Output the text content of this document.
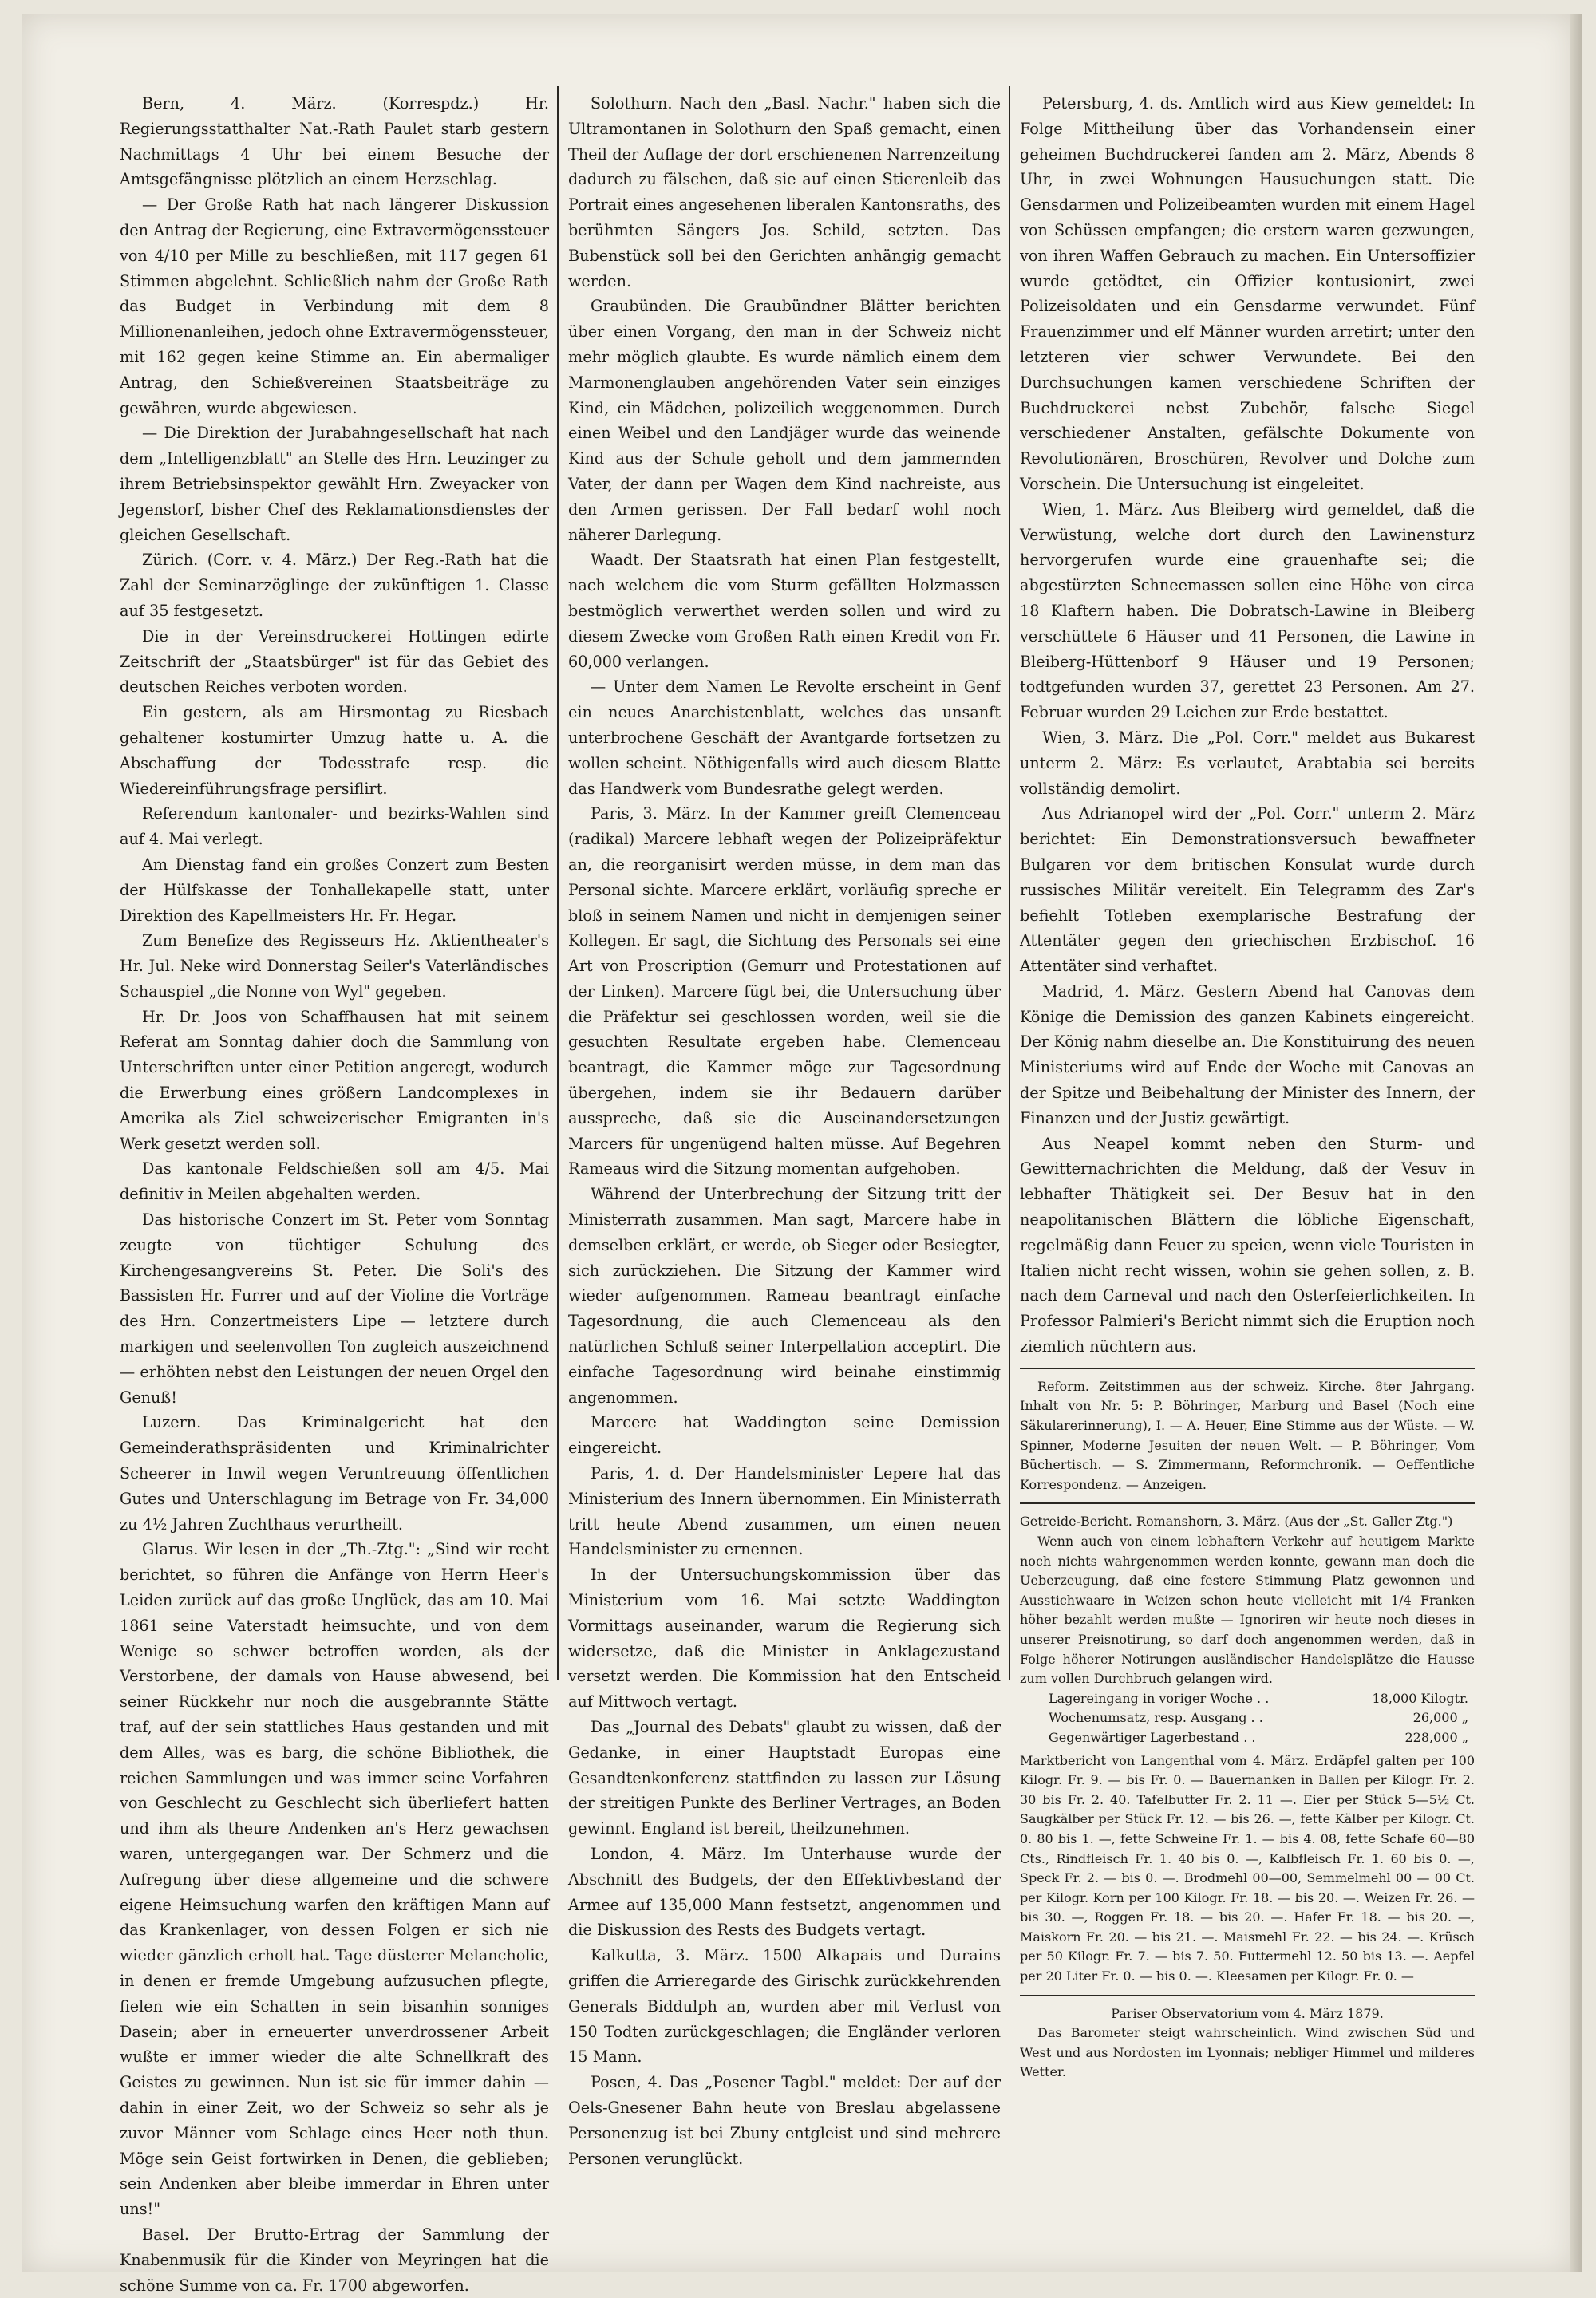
Bern, 4. März. (Korrespdz.) Hr. Regierungsstatthalter Nat.-Rath Paulet starb gestern Nachmittags 4 Uhr bei einem Besuche der Amtsgefängnisse plötzlich an einem Herzschlag.

— Der Große Rath hat nach längerer Diskussion den Antrag der Regierung, eine Extravermögenssteuer von 4/10 per Mille zu beschließen, mit 117 gegen 61 Stimmen abgelehnt. Schließlich nahm der Große Rath das Budget in Verbindung mit dem 8 Millionenanleihen, jedoch ohne Extravermögenssteuer, mit 162 gegen keine Stimme an. Ein abermaliger Antrag, den Schießvereinen Staatsbeiträge zu gewähren, wurde abgewiesen.

— Die Direktion der Jurabahngesellschaft hat nach dem „Intelligenzblatt" an Stelle des Hrn. Leuzinger zu ihrem Betriebsinspektor gewählt Hrn. Zweyacker von Jegenstorf, bisher Chef des Reklamationsdienstes der gleichen Gesellschaft.

Zürich. (Corr. v. 4. März.) Der Reg.-Rath hat die Zahl der Seminarzöglinge der zukünftigen 1. Classe auf 35 festgesetzt.

Die in der Vereinsdruckerei Hottingen edirte Zeitschrift der „Staatsbürger" ist für das Gebiet des deutschen Reiches verboten worden.

Ein gestern, als am Hirsmontag zu Riesbach gehaltener kostumirter Umzug hatte u. A. die Abschaffung der Todesstrafe resp. die Wiedereinführungsfrage persiflirt.

Referendum kantonaler- und bezirks-Wahlen sind auf 4. Mai verlegt.

Am Dienstag fand ein großes Conzert zum Besten der Hülfskasse der Tonhallekapelle statt, unter Direktion des Kapellmeisters Hr. Fr. Hegar.

Zum Benefize des Regisseurs Hz. Aktientheater's Hr. Jul. Neke wird Donnerstag Seiler's Vaterländisches Schauspiel „die Nonne von Wyl" gegeben.

Hr. Dr. Joos von Schaffhausen hat mit seinem Referat am Sonntag dahier doch die Sammlung von Unterschriften unter einer Petition angeregt, wodurch die Erwerbung eines größern Landcomplexes in Amerika als Ziel schweizerischer Emigranten in's Werk gesetzt werden soll.

Das kantonale Feldschießen soll am 4/5. Mai definitiv in Meilen abgehalten werden.

Das historische Conzert im St. Peter vom Sonntag zeugte von tüchtiger Schulung des Kirchengesangvereins St. Peter. Die Soli's des Bassisten Hr. Furrer und auf der Violine die Vorträge des Hrn. Conzertmeisters Lipe — letztere durch markigen und seelenvollen Ton zugleich auszeichnend — erhöhten nebst den Leistungen der neuen Orgel den Genuß!

Luzern. Das Kriminalgericht hat den Gemeinderathspräsidenten und Kriminalrichter Scheerer in Inwil wegen Veruntreuung öffentlichen Gutes und Unterschlagung im Betrage von Fr. 34,000 zu 4½ Jahren Zuchthaus verurtheilt.

Glarus. Wir lesen in der „Th.-Ztg.": „Sind wir recht berichtet, so führen die Anfänge von Herrn Heer's Leiden zurück auf das große Unglück, das am 10. Mai 1861 seine Vaterstadt heimsuchte, und von dem Wenige so schwer betroffen worden, als der Verstorbene, der damals von Hause abwesend, bei seiner Rückkehr nur noch die ausgebrannte Stätte traf, auf der sein stattliches Haus gestanden und mit dem Alles, was es barg, die schöne Bibliothek, die reichen Sammlungen und was immer seine Vorfahren von Geschlecht zu Geschlecht sich überliefert hatten und ihm als theure Andenken an's Herz gewachsen waren, untergegangen war. Der Schmerz und die Aufregung über diese allgemeine und die schwere eigene Heimsuchung warfen den kräftigen Mann auf das Krankenlager, von dessen Folgen er sich nie wieder gänzlich erholt hat. Tage düsterer Melancholie, in denen er fremde Umgebung aufzusuchen pflegte, fielen wie ein Schatten in sein bisanhin sonniges Dasein; aber in erneuerter unverdrossener Arbeit wußte er immer wieder die alte Schnellkraft des Geistes zu gewinnen. Nun ist sie für immer dahin — dahin in einer Zeit, wo der Schweiz so sehr als je zuvor Männer vom Schlage eines Heer noth thun. Möge sein Geist fortwirken in Denen, die geblieben; sein Andenken aber bleibe immerdar in Ehren unter uns!"

Basel. Der Brutto-Ertrag der Sammlung der Knabenmusik für die Kinder von Meyringen hat die schöne Summe von ca. Fr. 1700 abgeworfen.

Solothurn. Nach den „Basl. Nachr." haben sich die Ultramontanen in Solothurn den Spaß gemacht, einen Theil der Auflage der dort erschienenen Narrenzeitung dadurch zu fälschen, daß sie auf einen Stierenleib das Portrait eines angesehenen liberalen Kantonsraths, des berühmten Sängers Jos. Schild, setzten. Das Bubenstück soll bei den Gerichten anhängig gemacht werden.

Graubünden. Die Graubündner Blätter berichten über einen Vorgang, den man in der Schweiz nicht mehr möglich glaubte. Es wurde nämlich einem dem Marmonenglauben angehörenden Vater sein einziges Kind, ein Mädchen, polizeilich weggenommen. Durch einen Weibel und den Landjäger wurde das weinende Kind aus der Schule geholt und dem jammernden Vater, der dann per Wagen dem Kind nachreiste, aus den Armen gerissen. Der Fall bedarf wohl noch näherer Darlegung.

Waadt. Der Staatsrath hat einen Plan festgestellt, nach welchem die vom Sturm gefällten Holzmassen bestmöglich verwerthet werden sollen und wird zu diesem Zwecke vom Großen Rath einen Kredit von Fr. 60,000 verlangen.

— Unter dem Namen Le Revolte erscheint in Genf ein neues Anarchistenblatt, welches das unsanft unterbrochene Geschäft der Avantgarde fortsetzen zu wollen scheint. Nöthigenfalls wird auch diesem Blatte das Handwerk vom Bundesrathe gelegt werden.

Paris, 3. März. In der Kammer greift Clemenceau (radikal) Marcere lebhaft wegen der Polizeipräfektur an, die reorganisirt werden müsse, in dem man das Personal sichte. Marcere erklärt, vorläufig spreche er bloß in seinem Namen und nicht in demjenigen seiner Kollegen. Er sagt, die Sichtung des Personals sei eine Art von Proscription (Gemurr und Protestationen auf der Linken). Marcere fügt bei, die Untersuchung über die Präfektur sei geschlossen worden, weil sie die gesuchten Resultate ergeben habe. Clemenceau beantragt, die Kammer möge zur Tagesordnung übergehen, indem sie ihr Bedauern darüber ausspreche, daß sie die Auseinandersetzungen Marcers für ungenügend halten müsse. Auf Begehren Rameaus wird die Sitzung momentan aufgehoben.

Während der Unterbrechung der Sitzung tritt der Ministerrath zusammen. Man sagt, Marcere habe in demselben erklärt, er werde, ob Sieger oder Besiegter, sich zurückziehen. Die Sitzung der Kammer wird wieder aufgenommen. Rameau beantragt einfache Tagesordnung, die auch Clemenceau als den natürlichen Schluß seiner Interpellation acceptirt. Die einfache Tagesordnung wird beinahe einstimmig angenommen.

Marcere hat Waddington seine Demission eingereicht.

Paris, 4. d. Der Handelsminister Lepere hat das Ministerium des Innern übernommen. Ein Ministerrath tritt heute Abend zusammen, um einen neuen Handelsminister zu ernennen.

In der Untersuchungskommission über das Ministerium vom 16. Mai setzte Waddington Vormittags auseinander, warum die Regierung sich widersetze, daß die Minister in Anklagezustand versetzt werden. Die Kommission hat den Entscheid auf Mittwoch vertagt.

Das „Journal des Debats" glaubt zu wissen, daß der Gedanke, in einer Hauptstadt Europas eine Gesandtenkonferenz stattfinden zu lassen zur Lösung der streitigen Punkte des Berliner Vertrages, an Boden gewinnt. England ist bereit, theilzunehmen.

London, 4. März. Im Unterhause wurde der Abschnitt des Budgets, der den Effektivbestand der Armee auf 135,000 Mann festsetzt, angenommen und die Diskussion des Rests des Budgets vertagt.

Kalkutta, 3. März. 1500 Alkapais und Durains griffen die Arrieregarde des Girischk zurückkehrenden Generals Biddulph an, wurden aber mit Verlust von 150 Todten zurückgeschlagen; die Engländer verloren 15 Mann.

Posen, 4. Das „Posener Tagbl." meldet: Der auf der Oels-Gnesener Bahn heute von Breslau abgelassene Personenzug ist bei Zbuny entgleist und sind mehrere Personen verunglückt.

Petersburg, 4. ds. Amtlich wird aus Kiew gemeldet: In Folge Mittheilung über das Vorhandensein einer geheimen Buchdruckerei fanden am 2. März, Abends 8 Uhr, in zwei Wohnungen Hausuchungen statt. Die Gensdarmen und Polizeibeamten wurden mit einem Hagel von Schüssen empfangen; die erstern waren gezwungen, von ihren Waffen Gebrauch zu machen. Ein Untersoffizier wurde getödtet, ein Offizier kontusionirt, zwei Polizeisoldaten und ein Gensdarme verwundet. Fünf Frauenzimmer und elf Männer wurden arretirt; unter den letzteren vier schwer Verwundete. Bei den Durchsuchungen kamen verschiedene Schriften der Buchdruckerei nebst Zubehör, falsche Siegel verschiedener Anstalten, gefälschte Dokumente von Revolutionären, Broschüren, Revolver und Dolche zum Vorschein. Die Untersuchung ist eingeleitet.

Wien, 1. März. Aus Bleiberg wird gemeldet, daß die Verwüstung, welche dort durch den Lawinensturz hervorgerufen wurde eine grauenhafte sei; die abgestürzten Schneemassen sollen eine Höhe von circa 18 Klaftern haben. Die Dobratsch-Lawine in Bleiberg verschüttete 6 Häuser und 41 Personen, die Lawine in Bleiberg-Hüttenborf 9 Häuser und 19 Personen; todtgefunden wurden 37, gerettet 23 Personen. Am 27. Februar wurden 29 Leichen zur Erde bestattet.

Wien, 3. März. Die „Pol. Corr." meldet aus Bukarest unterm 2. März: Es verlautet, Arabtabia sei bereits vollständig demolirt.

Aus Adrianopel wird der „Pol. Corr." unterm 2. März berichtet: Ein Demonstrationsversuch bewaffneter Bulgaren vor dem britischen Konsulat wurde durch russisches Militär vereitelt. Ein Telegramm des Zar's befiehlt Totleben exemplarische Bestrafung der Attentäter gegen den griechischen Erzbischof. 16 Attentäter sind verhaftet.

Madrid, 4. März. Gestern Abend hat Canovas dem Könige die Demission des ganzen Kabinets eingereicht. Der König nahm dieselbe an. Die Konstituirung des neuen Ministeriums wird auf Ende der Woche mit Canovas an der Spitze und Beibehaltung der Minister des Innern, der Finanzen und der Justiz gewärtigt.

Aus Neapel kommt neben den Sturm- und Gewitternachrichten die Meldung, daß der Vesuv in lebhafter Thätigkeit sei. Der Besuv hat in den neapolitanischen Blättern die löbliche Eigenschaft, regelmäßig dann Feuer zu speien, wenn viele Touristen in Italien nicht recht wissen, wohin sie gehen sollen, z. B. nach dem Carneval und nach den Osterfeierlichkeiten. In Professor Palmieri's Bericht nimmt sich die Eruption noch ziemlich nüchtern aus.

Reform. Zeitstimmen aus der schweiz. Kirche. 8ter Jahrgang. Inhalt von Nr. 5: P. Böhringer, Marburg und Basel (Noch eine Säkularerinnerung), I. — A. Heuer, Eine Stimme aus der Wüste. — W. Spinner, Moderne Jesuiten der neuen Welt. — P. Böhringer, Vom Büchertisch. — S. Zimmermann, Reformchronik. — Oeffentliche Korrespondenz. — Anzeigen.

Getreide-Bericht. Romanshorn, 3. März. (Aus der „St. Galler Ztg.")

Wenn auch von einem lebhaftern Verkehr auf heutigem Markte noch nichts wahrgenommen werden konnte, gewann man doch die Ueberzeugung, daß eine festere Stimmung Platz gewonnen und Ausstichwaare in Weizen schon heute vielleicht mit 1/4 Franken höher bezahlt werden mußte — Ignoriren wir heute noch dieses in unserer Preisnotirung, so darf doch angenommen werden, daß in Folge höherer Notirungen ausländischer Handelsplätze die Hausse zum vollen Durchbruch gelangen wird.

Lagereingang in voriger Woche . .	18,000 Kilogtr.
Wochenumsatz, resp. Ausgang . .	26,000 „
Gegenwärtiger Lagerbestand . .	228,000 „

Marktbericht von Langenthal vom 4. März. Erdäpfel galten per 100 Kilogr. Fr. 9. — bis Fr. 0. — Bauernanken in Ballen per Kilogr. Fr. 2. 30 bis Fr. 2. 40. Tafelbutter Fr. 2. 11 —. Eier per Stück 5—5½ Ct. Saugkälber per Stück Fr. 12. — bis 26. —, fette Kälber per Kilogr. Ct. 0. 80 bis 1. —, fette Schweine Fr. 1. — bis 4. 08, fette Schafe 60—80 Cts., Rindfleisch Fr. 1. 40 bis 0. —, Kalbfleisch Fr. 1. 60 bis 0. —, Speck Fr. 2. — bis 0. —. Brodmehl 00—00, Semmelmehl 00 — 00 Ct. per Kilogr. Korn per 100 Kilogr. Fr. 18. — bis 20. —. Weizen Fr. 26. — bis 30. —, Roggen Fr. 18. — bis 20. —. Hafer Fr. 18. — bis 20. —, Maiskorn Fr. 20. — bis 21. —. Maismehl Fr. 22. — bis 24. —. Krüsch per 50 Kilogr. Fr. 7. — bis 7. 50. Futtermehl 12. 50 bis 13. —. Aepfel per 20 Liter Fr. 0. — bis 0. —. Kleesamen per Kilogr. Fr. 0. —

Pariser Observatorium vom 4. März 1879.

Das Barometer steigt wahrscheinlich. Wind zwischen Süd und West und aus Nordosten im Lyonnais; nebliger Himmel und milderes Wetter.
